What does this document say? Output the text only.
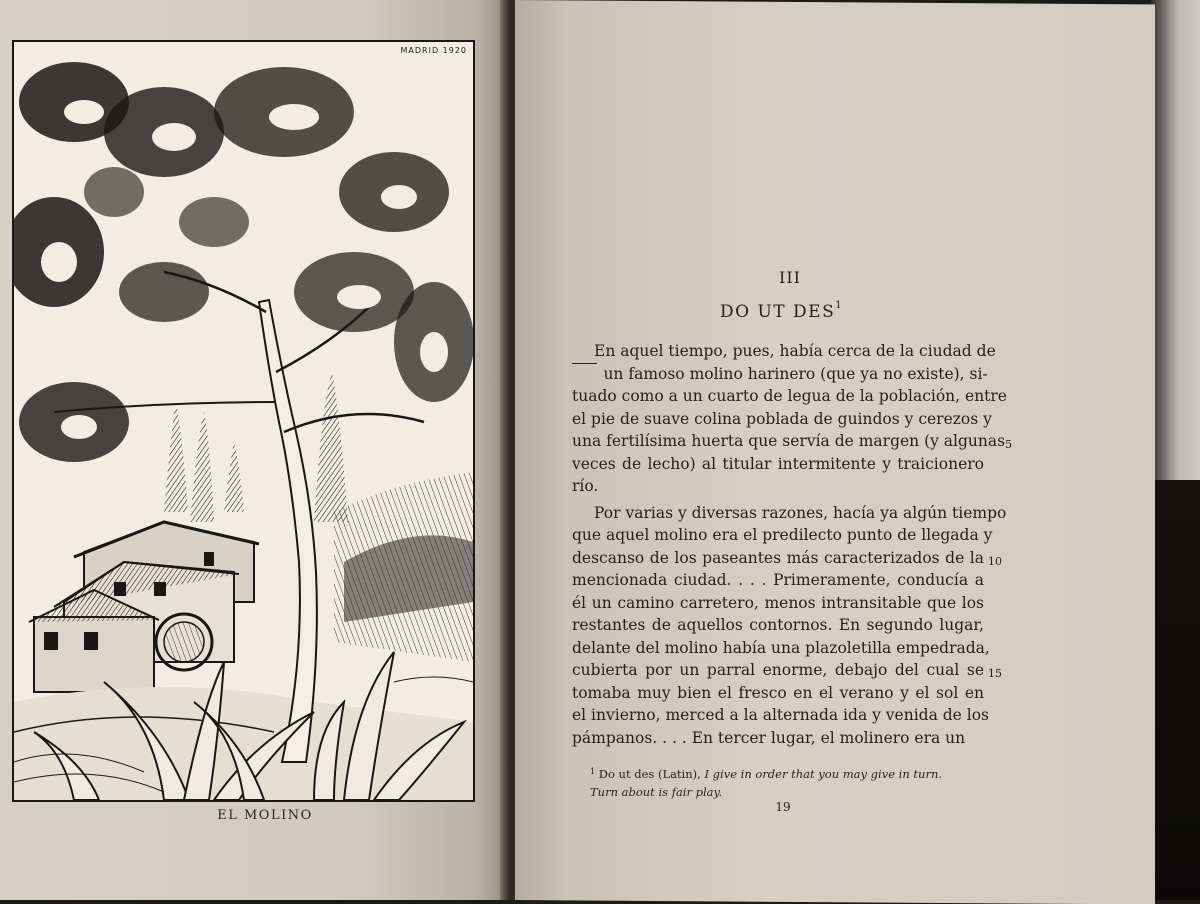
MADRID 1920
EL MOLINO
III
DO UT DES$^1$
En aquel tiempo, pues, había cerca de la ciudad de
un famoso molino harinero (que ya no existe), si-
tuado como a un cuarto de legua de la población, entre
el pie de suave colina poblada de guindos y cerezos y
una fertilísima huerta que servía de margen (y algunas 5
veces de lecho) al titular intermitente y traicionero
río.
Por varias y diversas razones, hacía ya algún tiempo
que aquel molino era el predilecto punto de llegada y
descanso de los paseantes más caracterizados de la 10
mencionada ciudad. . . . Primeramente, conducía a
él un camino carretero, menos intransitable que los
restantes de aquellos contornos. En segundo lugar,
delante del molino había una plazoletilla empedrada,
cubierta por un parral enorme, debajo del cual se 15
tomaba muy bien el fresco en el verano y el sol en
el invierno, merced a la alternada ida y venida de los
pámpanos. . . . En tercer lugar, el molinero era un
$^1$ Do ut des (Latin), I give in order that you may give in turn.
Turn about is fair play.
19
